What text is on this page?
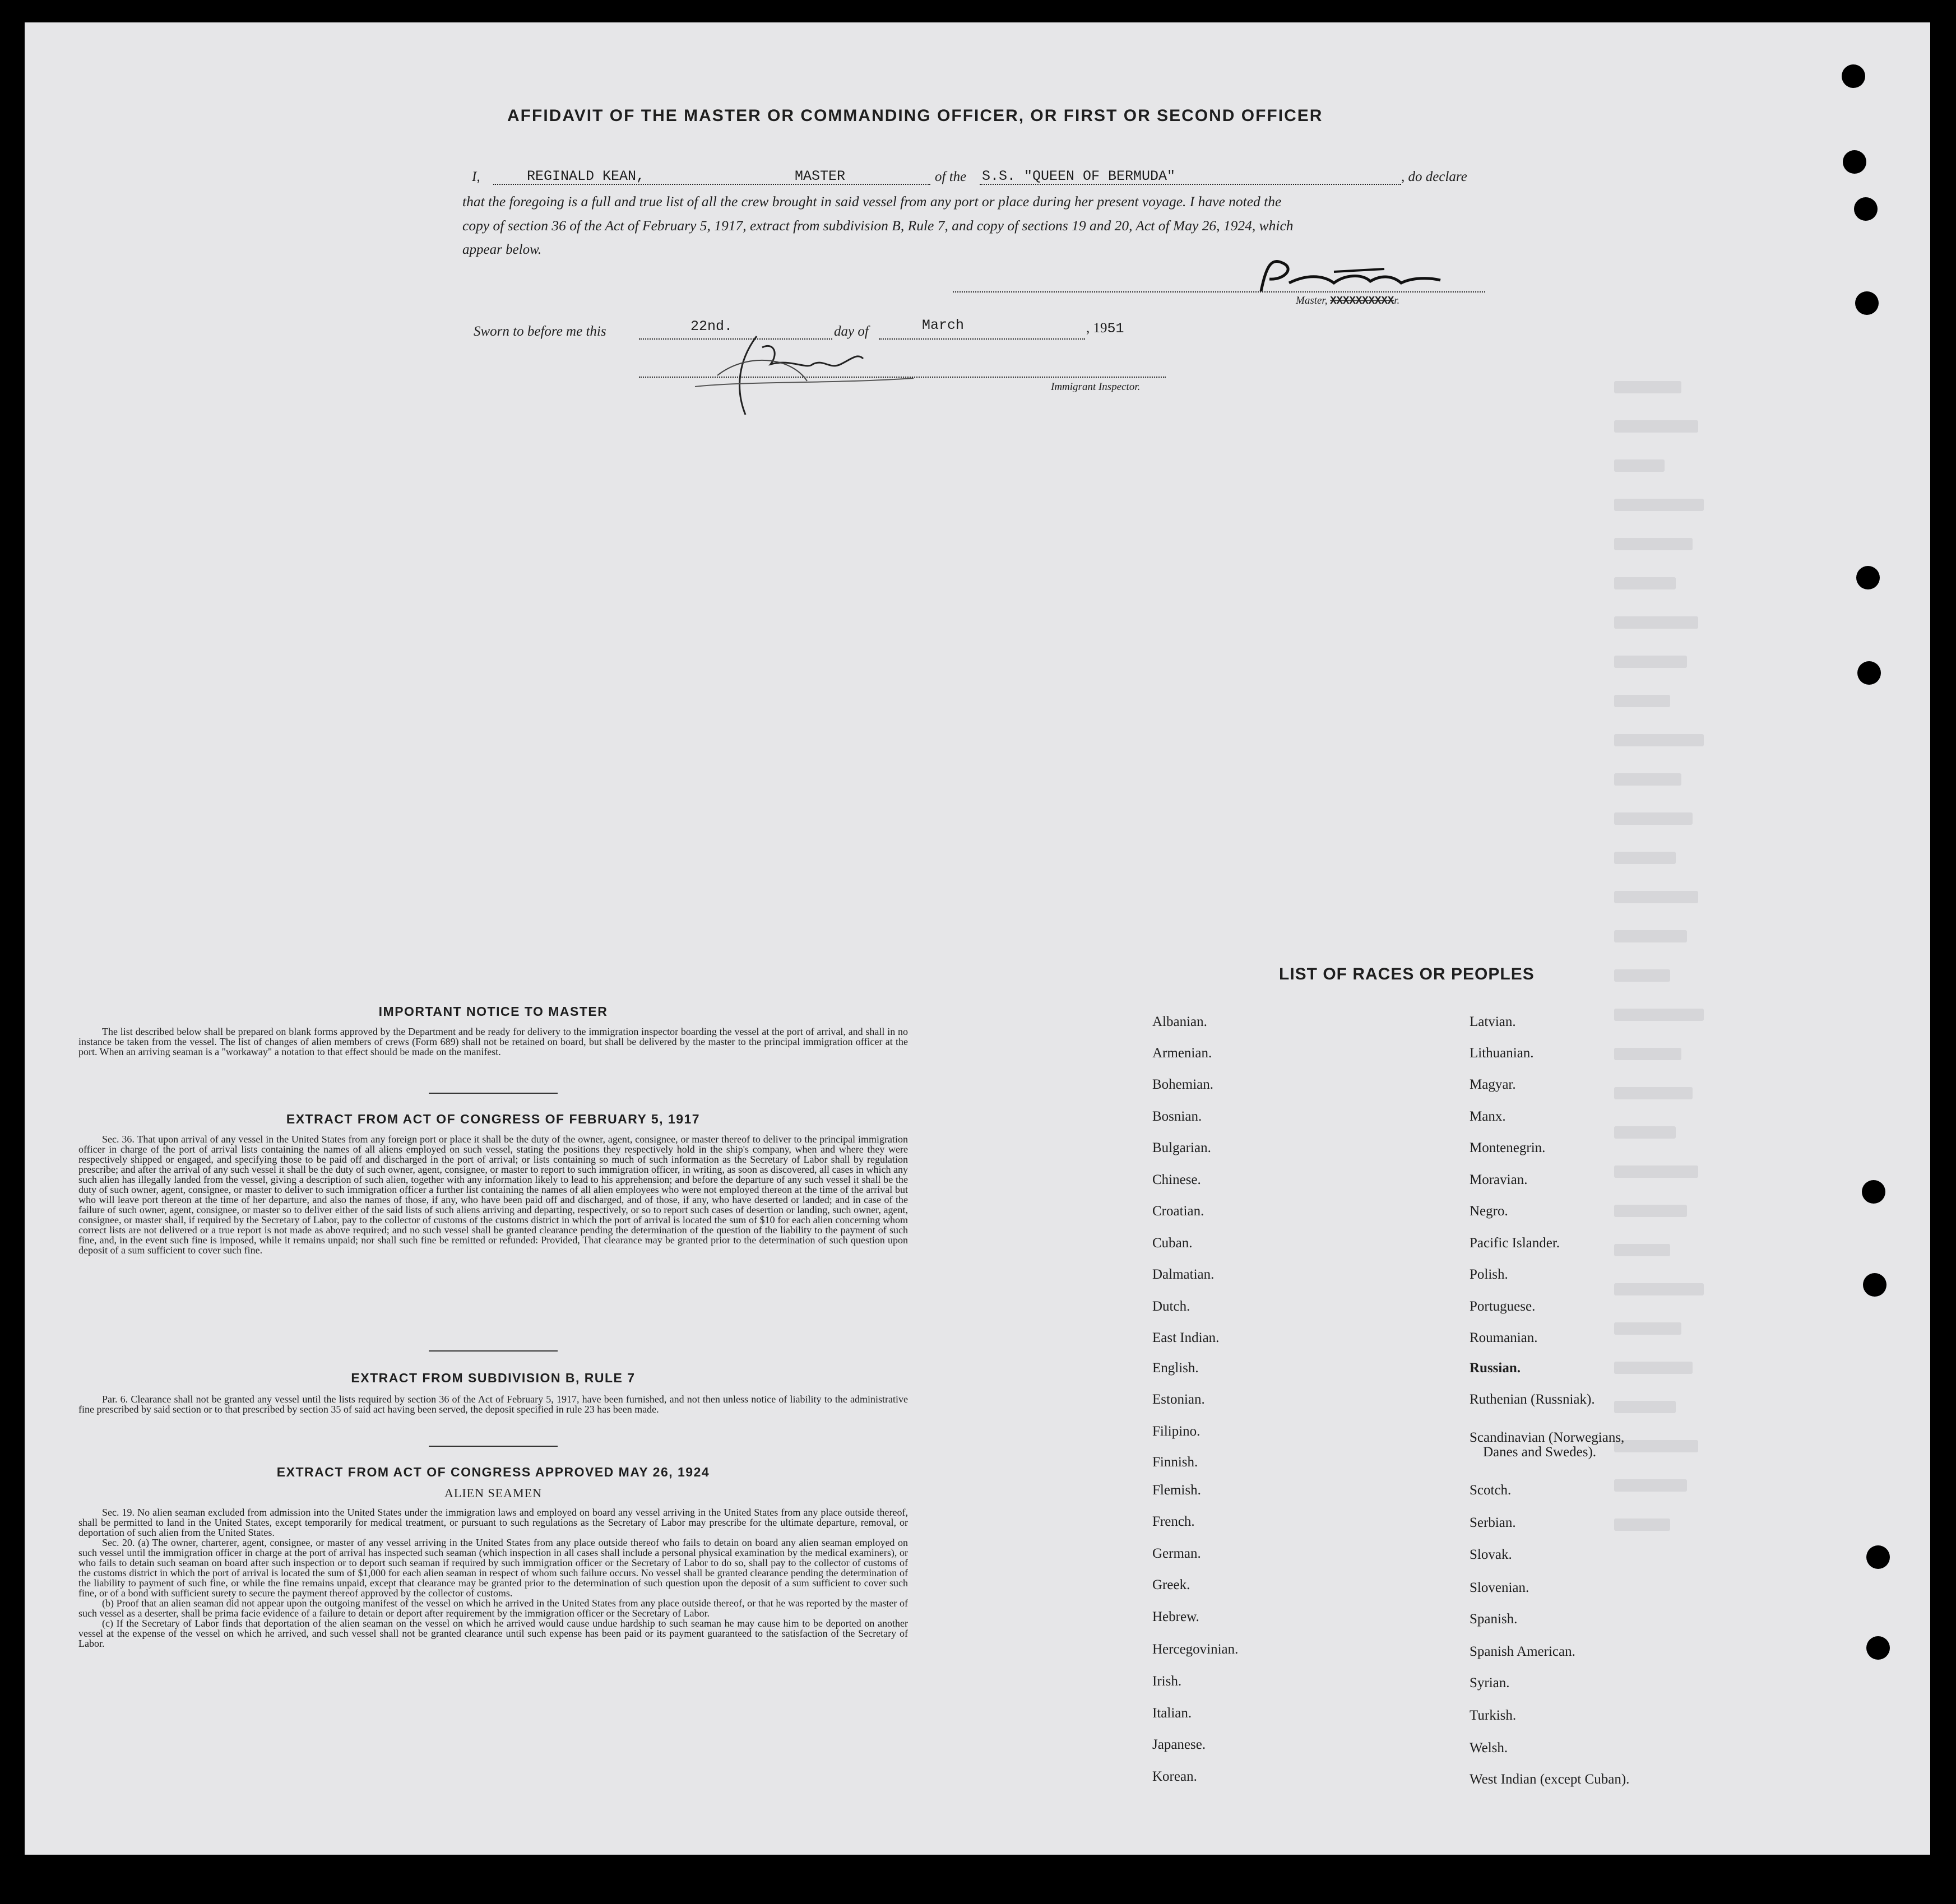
AFFIDAVIT OF THE MASTER OR COMMANDING OFFICER, OR FIRST OR SECOND OFFICER
I,	REGINALD KEAN,	MASTER	of the S.S. "QUEEN OF BERMUDA"	, do declare
that the foregoing is a full and true list of all the crew brought in said vessel from any port or place during her present voyage. I have noted the
copy of section 36 of the Act of February 5, 1917, extract from subdivision B, Rule 7, and copy of sections 19 and 20, Act of May 26, 1924, which
appear below.
Master, XXXXXXXXXXr.
Sworn to before me this	22nd.	day of	March	, 1951
Immigrant Inspector.
IMPORTANT NOTICE TO MASTER

The list described below shall be prepared on blank forms approved by the Department and be ready for delivery to the immigration inspector boarding the vessel at the port of arrival, and shall in no instance be taken from the vessel. The list of changes of alien members of crews (Form 689) shall not be retained on board, but shall be delivered by the master to the principal immigration officer at the port. When an arriving seaman is a "workaway" a notation to that effect should be made on the manifest.

EXTRACT FROM ACT OF CONGRESS OF FEBRUARY 5, 1917

Sec. 36. That upon arrival of any vessel in the United States from any foreign port or place it shall be the duty of the owner, agent, consignee, or master thereof to deliver to the principal immigration officer in charge of the port of arrival lists containing the names of all aliens employed on such vessel, stating the positions they respectively hold in the ship's company, when and where they were respectively shipped or engaged, and specifying those to be paid off and discharged in the port of arrival; or lists containing so much of such information as the Secretary of Labor shall by regulation prescribe; and after the arrival of any such vessel it shall be the duty of such owner, agent, consignee, or master to report to such immigration officer, in writing, as soon as discovered, all cases in which any such alien has illegally landed from the vessel, giving a description of such alien, together with any information likely to lead to his apprehension; and before the departure of any such vessel it shall be the duty of such owner, agent, consignee, or master to deliver to such immigration officer a further list containing the names of all alien employees who were not employed thereon at the time of the arrival but who will leave port thereon at the time of her departure, and also the names of those, if any, who have been paid off and discharged, and of those, if any, who have deserted or landed; and in case of the failure of such owner, agent, consignee, or master so to deliver either of the said lists of such aliens arriving and departing, respectively, or so to report such cases of desertion or landing, such owner, agent, consignee, or master shall, if required by the Secretary of Labor, pay to the collector of customs of the customs district in which the port of arrival is located the sum of $10 for each alien concerning whom correct lists are not delivered or a true report is not made as above required; and no such vessel shall be granted clearance pending the determination of the question of the liability to the payment of such fine, and, in the event such fine is imposed, while it remains unpaid; nor shall such fine be remitted or refunded: Provided, That clearance may be granted prior to the determination of such question upon deposit of a sum sufficient to cover such fine.

EXTRACT FROM SUBDIVISION B, RULE 7

Par. 6. Clearance shall not be granted any vessel until the lists required by section 36 of the Act of February 5, 1917, have been furnished, and not then unless notice of liability to the administrative fine prescribed by said section or to that prescribed by section 35 of said act having been served, the deposit specified in rule 23 has been made.

EXTRACT FROM ACT OF CONGRESS APPROVED MAY 26, 1924
ALIEN SEAMEN

Sec. 19. No alien seaman excluded from admission into the United States under the immigration laws and employed on board any vessel arriving in the United States from any place outside thereof, shall be permitted to land in the United States, except temporarily for medical treatment, or pursuant to such regulations as the Secretary of Labor may prescribe for the ultimate departure, removal, or deportation of such alien from the United States.

Sec. 20. (a) The owner, charterer, agent, consignee, or master of any vessel arriving in the United States from any place outside thereof who fails to detain on board any alien seaman employed on such vessel until the immigration officer in charge at the port of arrival has inspected such seaman (which inspection in all cases shall include a personal physical examination by the medical examiners), or who fails to detain such seaman on board after such inspection or to deport such seaman if required by such immigration officer or the Secretary of Labor to do so, shall pay to the collector of customs of the customs district in which the port of arrival is located the sum of $1,000 for each alien seaman in respect of whom such failure occurs. No vessel shall be granted clearance pending the determination of the liability to payment of such fine, or while the fine remains unpaid, except that clearance may be granted prior to the determination of such question upon the deposit of a sum sufficient to cover such fine, or of a bond with sufficient surety to secure the payment thereof approved by the collector of customs.

(b) Proof that an alien seaman did not appear upon the outgoing manifest of the vessel on which he arrived in the United States from any place outside thereof, or that he was reported by the master of such vessel as a deserter, shall be prima facie evidence of a failure to detain or deport after requirement by the immigration officer or the Secretary of Labor.

(c) If the Secretary of Labor finds that deportation of the alien seaman on the vessel on which he arrived would cause undue hardship to such seaman he may cause him to be deported on another vessel at the expense of the vessel on which he arrived, and such vessel shall not be granted clearance until such expense has been paid or its payment guaranteed to the satisfaction of the Secretary of Labor.

LIST OF RACES OR PEOPLES
Albanian.
Armenian.
Bohemian.
Bosnian.
Bulgarian.
Chinese.
Croatian.
Cuban.
Dalmatian.
Dutch.
East Indian.
English.
Estonian.
Filipino.
Finnish.
Flemish.
French.
German.
Greek.
Hebrew.
Hercegovinian.
Irish.
Italian.
Japanese.
Korean.
Latvian.
Lithuanian.
Magyar.
Manx.
Montenegrin.
Moravian.
Negro.
Pacific Islander.
Polish.
Portuguese.
Roumanian.
Russian.
Ruthenian (Russniak).
Scandinavian (Norwegians,
Danes and Swedes).
Scotch.
Serbian.
Slovak.
Slovenian.
Spanish.
Spanish American.
Syrian.
Turkish.
Welsh.
West Indian (except Cuban).
